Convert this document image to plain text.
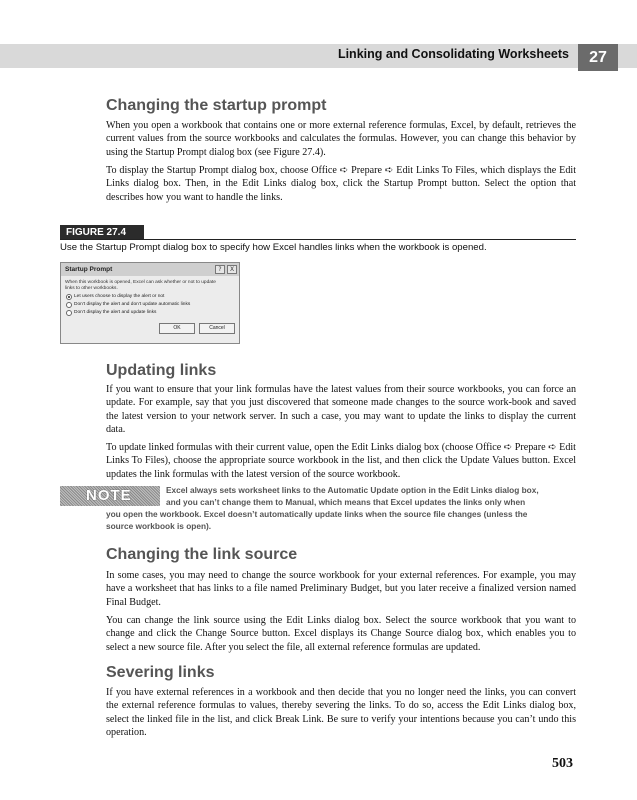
Linking and Consolidating Worksheets	27
Changing the startup prompt

When you open a workbook that contains one or more external reference formulas, Excel, by default, retrieves the current values from the source workbooks and calculates the formulas. However, you can change this behavior by using the Startup Prompt dialog box (see Figure 27.4).

To display the Startup Prompt dialog box, choose Office ➪ Prepare ➪ Edit Links To Files, which displays the Edit Links dialog box. Then, in the Edit Links dialog box, click the Startup Prompt button. Select the option that describes how you want to handle the links.

FIGURE 27.4
Use the Startup Prompt dialog box to specify how Excel handles links when the workbook is opened.
Startup Prompt	?	X
When this workbook is opened, Excel can ask whether or not to update
links to other workbooks.
Let users choose to display the alert or not
Don’t display the alert and don’t update automatic links
Don’t display the alert and update links
OK	Cancel
Updating links

If you want to ensure that your link formulas have the latest values from their source workbooks, you can force an update. For example, say that you just discovered that someone made changes to the source work-book and saved the latest version to your network server. In such a case, you may want to update the links to display the current data.

To update linked formulas with their current value, open the Edit Links dialog box (choose Office ➪ Prepare ➪ Edit Links To Files), choose the appropriate source workbook in the list, and then click the Update Values button. Excel updates the link formulas with the latest version of the source workbook.

NOTE	Excel always sets worksheet links to the Automatic Update option in the Edit Links dialog box,
and you can’t change them to Manual, which means that Excel updates the links only when
you open the workbook. Excel doesn’t automatically update links when the source file changes (unless the
source workbook is open).
Changing the link source

In some cases, you may need to change the source workbook for your external references. For example, you may have a worksheet that has links to a file named Preliminary Budget, but you later receive a finalized version named Final Budget.

You can change the link source using the Edit Links dialog box. Select the source workbook that you want to change and click the Change Source button. Excel displays its Change Source dialog box, which enables you to select a new source file. After you select the file, all external reference formulas are updated.

Severing links

If you have external references in a workbook and then decide that you no longer need the links, you can convert the external reference formulas to values, thereby severing the links. To do so, access the Edit Links dialog box, select the linked file in the list, and click Break Link. Be sure to verify your intentions because you can’t undo this operation.

503
